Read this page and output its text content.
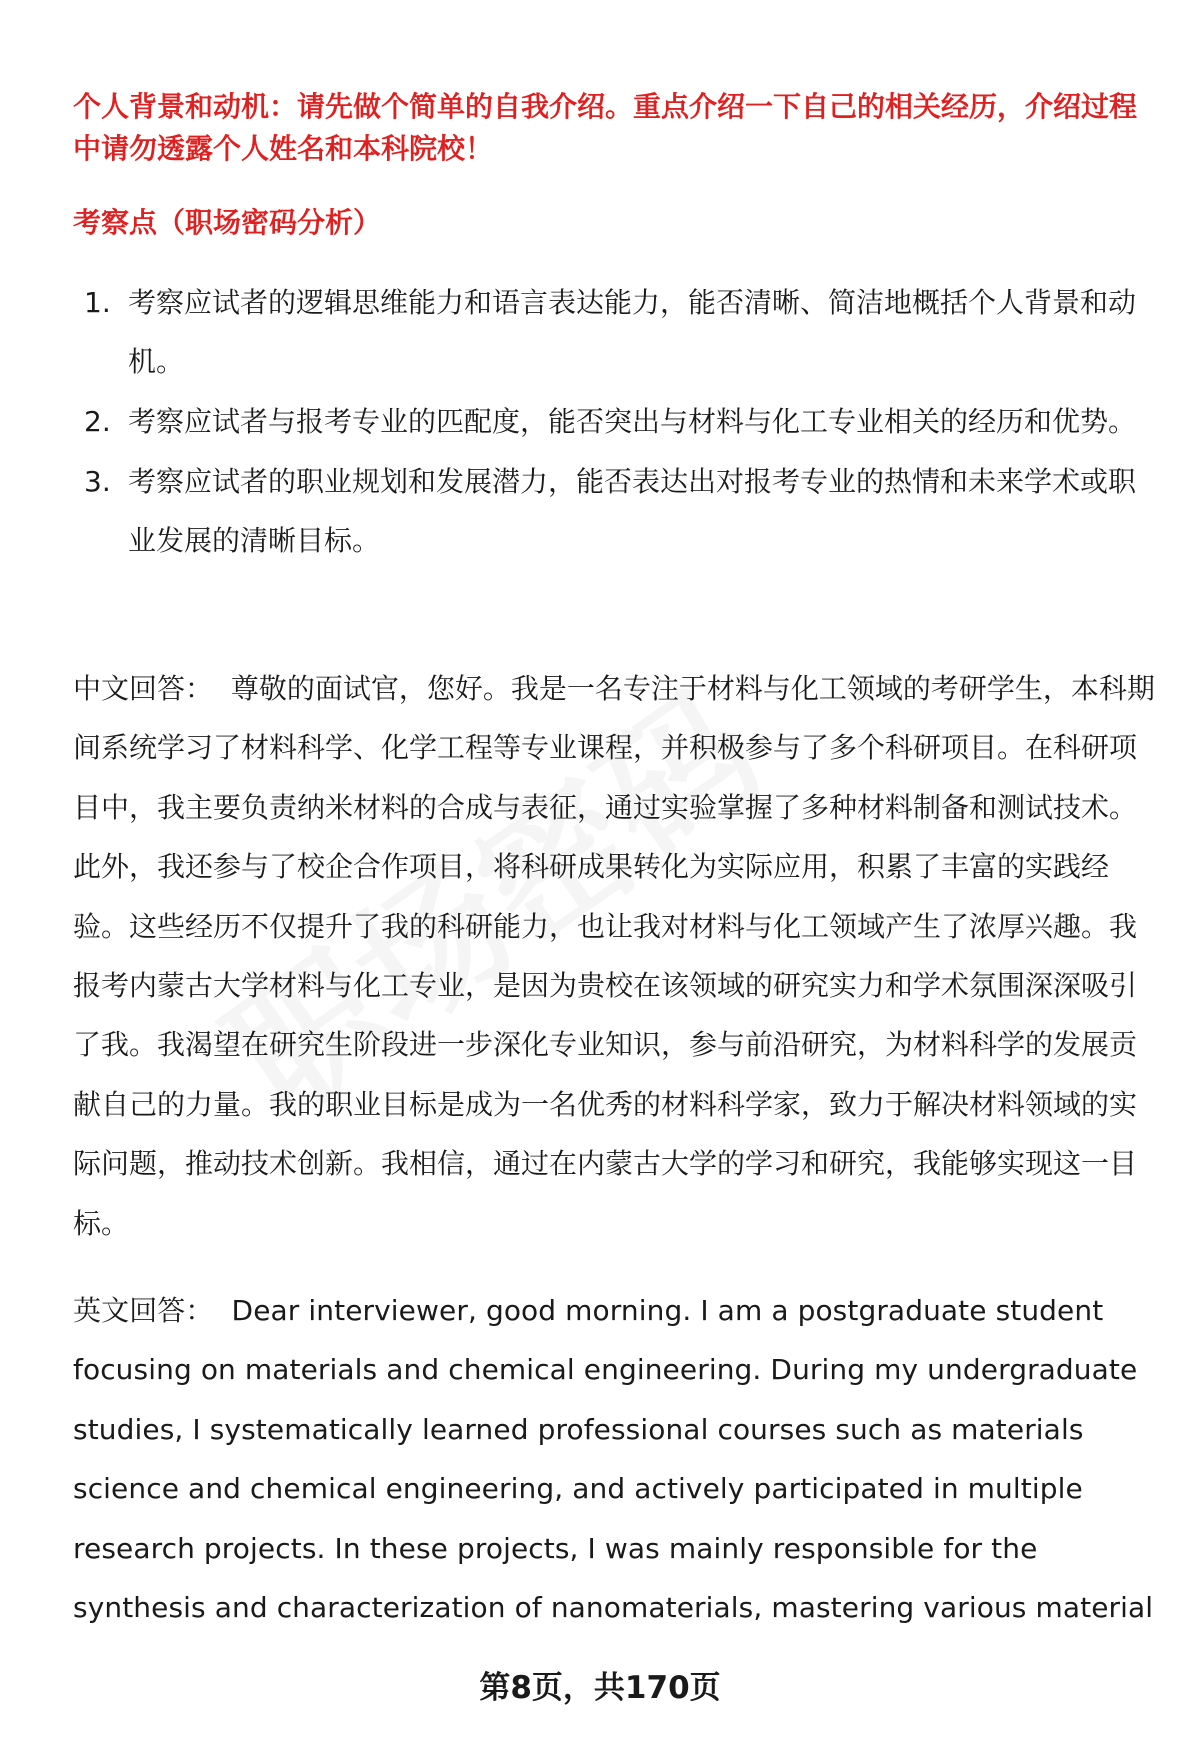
个人背景和动机：请先做个简单的自我介绍。重点介绍一下自己的相关经历，介绍过程中请勿透露个人姓名和本科院校！

考察点（职场密码分析）

1. 考察应试者的逻辑思维能力和语言表达能力，能否清晰、简洁地概括个人背景和动机。
2. 考察应试者与报考专业的匹配度，能否突出与材料与化工专业相关的经历和优势。
3. 考察应试者的职业规划和发展潜力，能否表达出对报考专业的热情和未来学术或职业发展的清晰目标。

中文回答： 尊敬的面试官，您好。我是一名专注于材料与化工领域的考研学生，本科期间系统学习了材料科学、化学工程等专业课程，并积极参与了多个科研项目。在科研项目中，我主要负责纳米材料的合成与表征，通过实验掌握了多种材料制备和测试技术。此外，我还参与了校企合作项目，将科研成果转化为实际应用，积累了丰富的实践经验。这些经历不仅提升了我的科研能力，也让我对材料与化工领域产生了浓厚兴趣。我报考内蒙古大学材料与化工专业，是因为贵校在该领域的研究实力和学术氛围深深吸引了我。我渴望在研究生阶段进一步深化专业知识，参与前沿研究，为材料科学的发展贡献自己的力量。我的职业目标是成为一名优秀的材料科学家，致力于解决材料领域的实际问题，推动技术创新。我相信，通过在内蒙古大学的学习和研究，我能够实现这一目标。

英文回答： Dear interviewer, good morning. I am a postgraduate student focusing on materials and chemical engineering. During my undergraduate studies, I systematically learned professional courses such as materials science and chemical engineering, and actively participated in multiple research projects. In these projects, I was mainly responsible for the synthesis and characterization of nanomaterials, mastering various material

第8页，共170页
